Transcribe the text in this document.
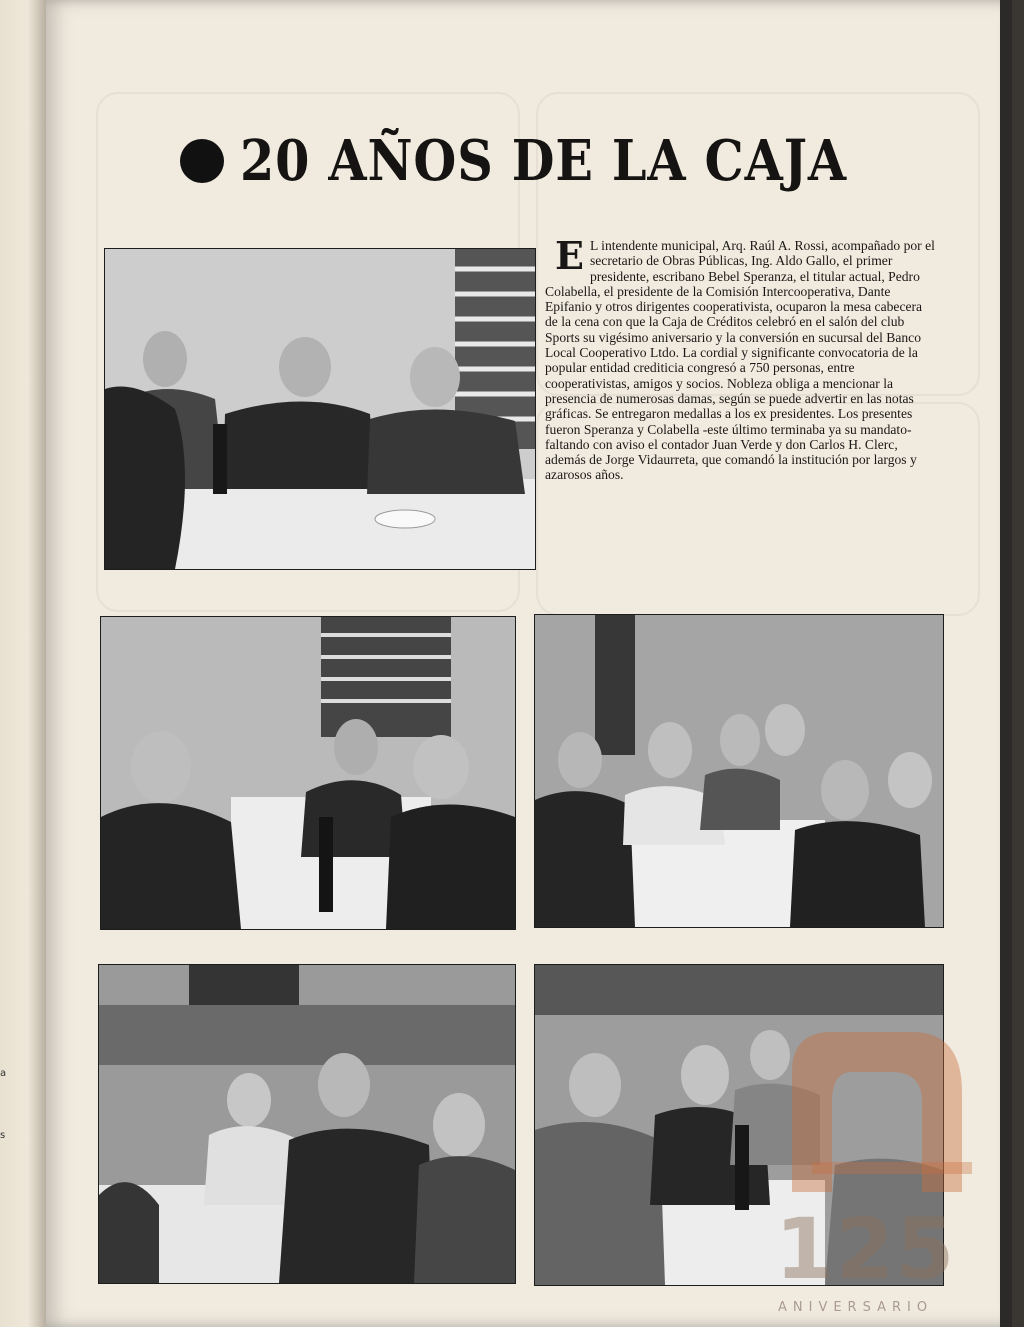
a
s
20 AÑOS DE LA CAJA
E L intendente municipal, Arq. Raúl A. Rossi, acompañado por el secretario de Obras Públicas, Ing. Aldo Gallo, el primer presidente, escribano Bebel Speranza, el titular actual, Pedro Colabella, el presidente de la Comisión Intercooperativa, Dante Epifanio y otros dirigentes cooperativista, ocuparon la mesa cabecera de la cena con que la Caja de Créditos celebró en el salón del club Sports su vigésimo aniversario y la conversión en sucursal del Banco Local Cooperativo Ltdo. La cordial y significante convocatoria de la popular entidad crediticia congresó a 750 personas, entre cooperativistas, amigos y socios. Nobleza obliga a mencionar la presencia de numerosas damas, según se puede advertir en las notas gráficas. Se entregaron medallas a los ex presidentes. Los presentes fueron Speranza y Colabella -este último terminaba ya su mandato- faltando con aviso el contador Juan Verde y don Carlos H. Clerc, además de Jorge Vidaurreta, que comandó la institución por largos y azarosos años.
125
ANIVERSARIO
